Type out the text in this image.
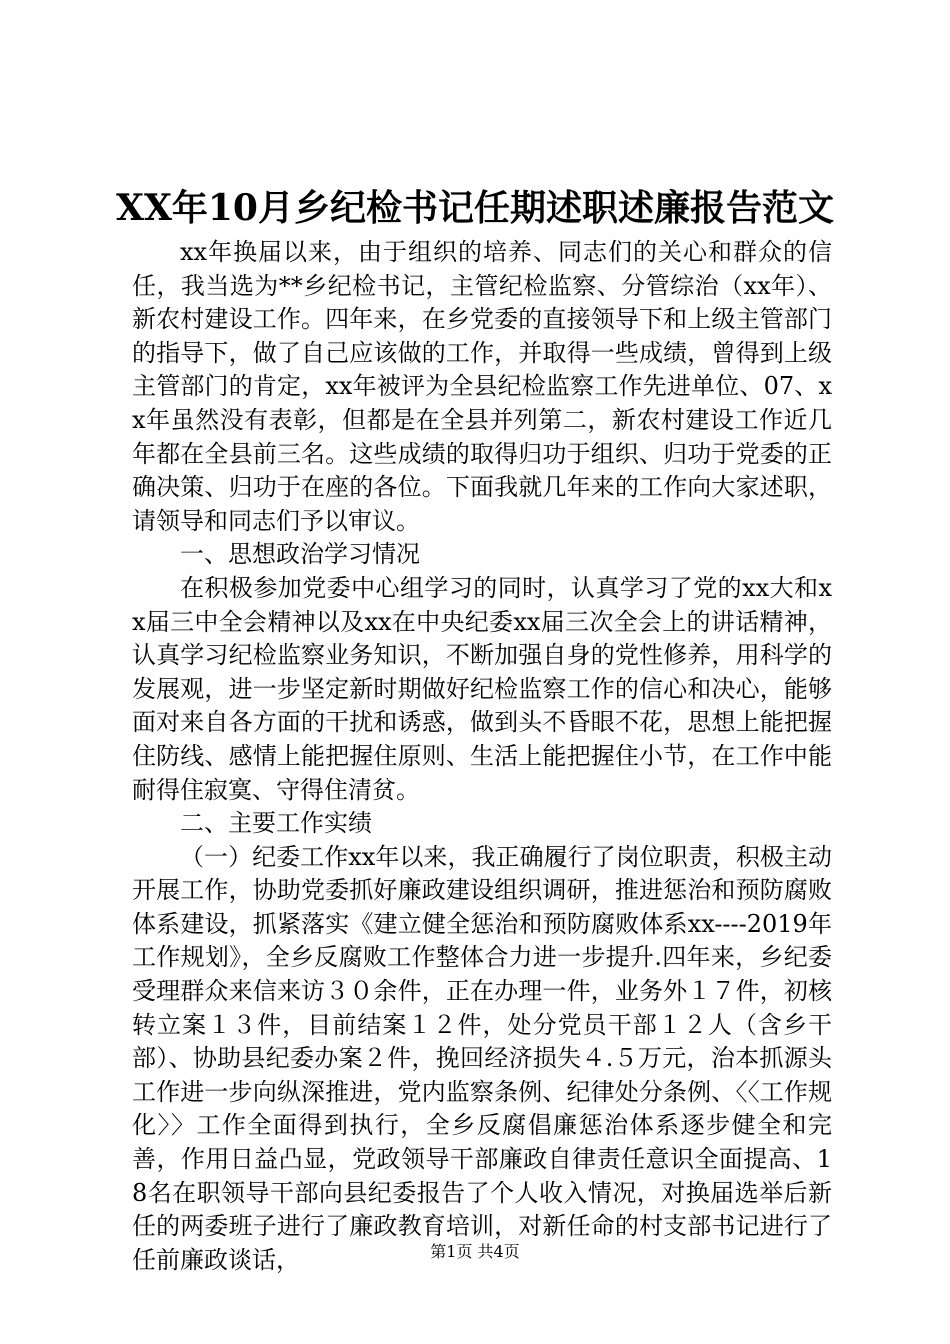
XX年10月乡纪检书记任期述职述廉报告范文

xx年换届以来，由于组织的培养、同志们的关心和群众的信任，我当选为**乡纪检书记，主管纪检监察、分管综治（xx年）、新农村建设工作。四年来，在乡党委的直接领导下和上级主管部门的指导下，做了自己应该做的工作，并取得一些成绩，曾得到上级主管部门的肯定，xx年被评为全县纪检监察工作先进单位、07、xx年虽然没有表彰，但都是在全县并列第二，新农村建设工作近几年都在全县前三名。这些成绩的取得归功于组织、归功于党委的正确决策、归功于在座的各位。下面我就几年来的工作向大家述职，请领导和同志们予以审议。

一、思想政治学习情况

在积极参加党委中心组学习的同时，认真学习了党的xx大和xx届三中全会精神以及xx在中央纪委xx届三次全会上的讲话精神，认真学习纪检监察业务知识，不断加强自身的党性修养，用科学的发展观，进一步坚定新时期做好纪检监察工作的信心和决心，能够面对来自各方面的干扰和诱惑，做到头不昏眼不花，思想上能把握住防线、感情上能把握住原则、生活上能把握住小节，在工作中能耐得住寂寞、守得住清贫。

二、主要工作实绩

（一）纪委工作xx年以来，我正确履行了岗位职责，积极主动开展工作，协助党委抓好廉政建设组织调研，推进惩治和预防腐败体系建设，抓紧落实《建立健全惩治和预防腐败体系xx----2019年工作规划》，全乡反腐败工作整体合力进一步提升.四年来，乡纪委受理群众来信来访３０余件，正在办理一件，业务外１７件，初核转立案１３件，目前结案１２件，处分党员干部１２人（含乡干部）、协助县纪委办案２件，挽回经济损失４.５万元，治本抓源头工作进一步向纵深推进，党内监察条例、纪律处分条例、〈〈工作规化〉〉工作全面得到执行，全乡反腐倡廉惩治体系逐步健全和完善，作用日益凸显，党政领导干部廉政自律责任意识全面提高、18名在职领导干部向县纪委报告了个人收入情况，对换届选举后新任的两委班子进行了廉政教育培训，对新任命的村支部书记进行了任前廉政谈话，	第1页 共4页
